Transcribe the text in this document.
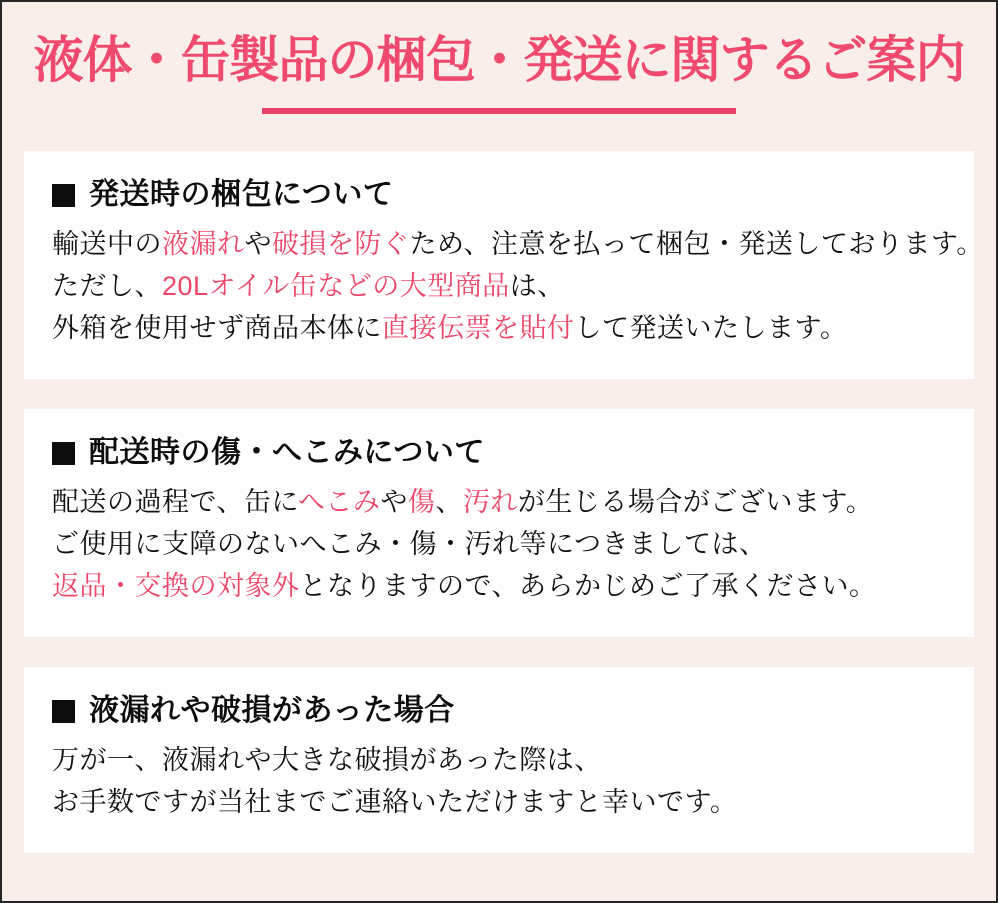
液体・缶製品の梱包・発送に関するご案内
発送時の梱包について

輸送中の液漏れや破損を防ぐため、注意を払って梱包・発送しております。

ただし、20Lオイル缶などの大型商品は、

外箱を使用せず商品本体に直接伝票を貼付して発送いたします。

配送時の傷・へこみについて

配送の過程で、缶にへこみや傷、汚れが生じる場合がございます。

ご使用に支障のないへこみ・傷・汚れ等につきましては、

返品・交換の対象外となりますので、あらかじめご了承ください。

液漏れや破損があった場合

万が一、液漏れや大きな破損があった際は、

お手数ですが当社までご連絡いただけますと幸いです。
